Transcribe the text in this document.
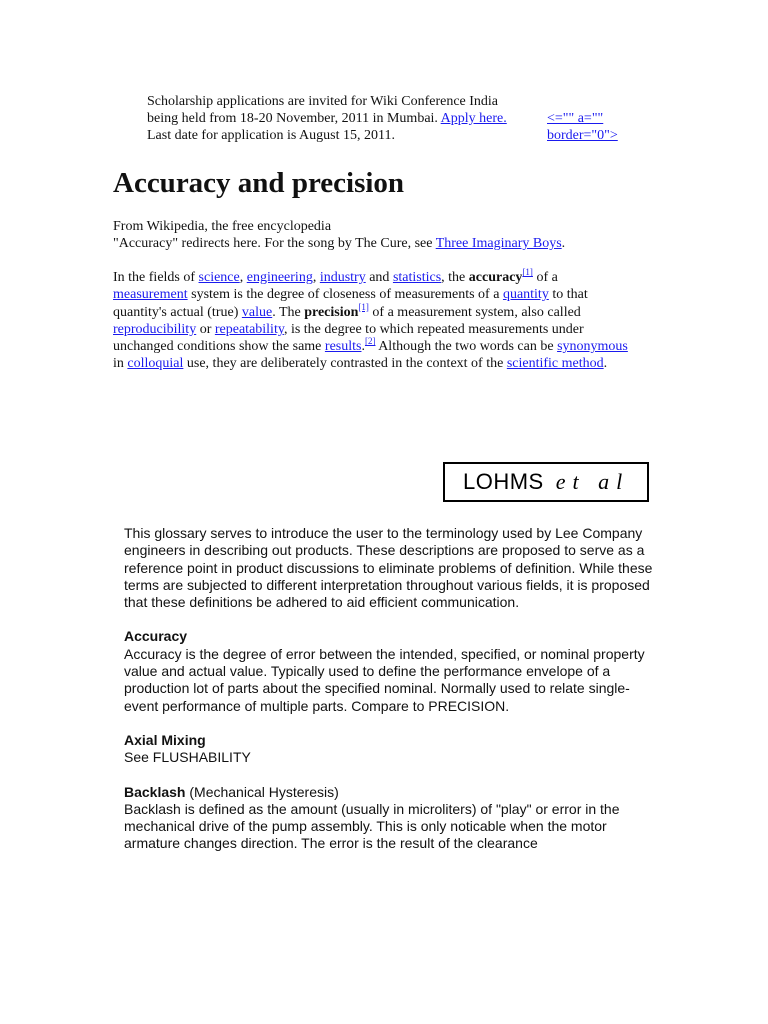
Scholarship applications are invited for Wiki Conference India
being held from 18-20 November, 2011 in Mumbai. Apply here.
Last date for application is August 15, 2011.
<="" a=""
border="0">
Accuracy and precision
From Wikipedia, the free encyclopedia
"Accuracy" redirects here. For the song by The Cure, see Three Imaginary Boys.

In the fields of science, engineering, industry and statistics, the accuracy[1] of a measurement system is the degree of closeness of measurements of a quantity to that quantity's actual (true) value. The precision[1] of a measurement system, also called reproducibility or repeatability, is the degree to which repeated measurements under unchanged conditions show the same results.[2] Although the two words can be synonymous in colloquial use, they are deliberately contrasted in the context of the scientific method.

LOHMS et al

This glossary serves to introduce the user to the terminology used by Lee Company engineers in describing out products. These descriptions are proposed to serve as a reference point in product discussions to eliminate problems of definition. While these terms are subjected to different interpretation throughout various fields, it is proposed that these definitions be adhered to aid efficient communication.

Accuracy
Accuracy is the degree of error between the intended, specified, or nominal property value and actual value. Typically used to define the performance envelope of a production lot of parts about the specified nominal. Normally used to relate single-event performance of multiple parts. Compare to PRECISION.

Axial Mixing
See FLUSHABILITY

Backlash (Mechanical Hysteresis)
Backlash is defined as the amount (usually in microliters) of "play" or error in the mechanical drive of the pump assembly. This is only noticable when the motor armature changes direction. The error is the result of the clearance
